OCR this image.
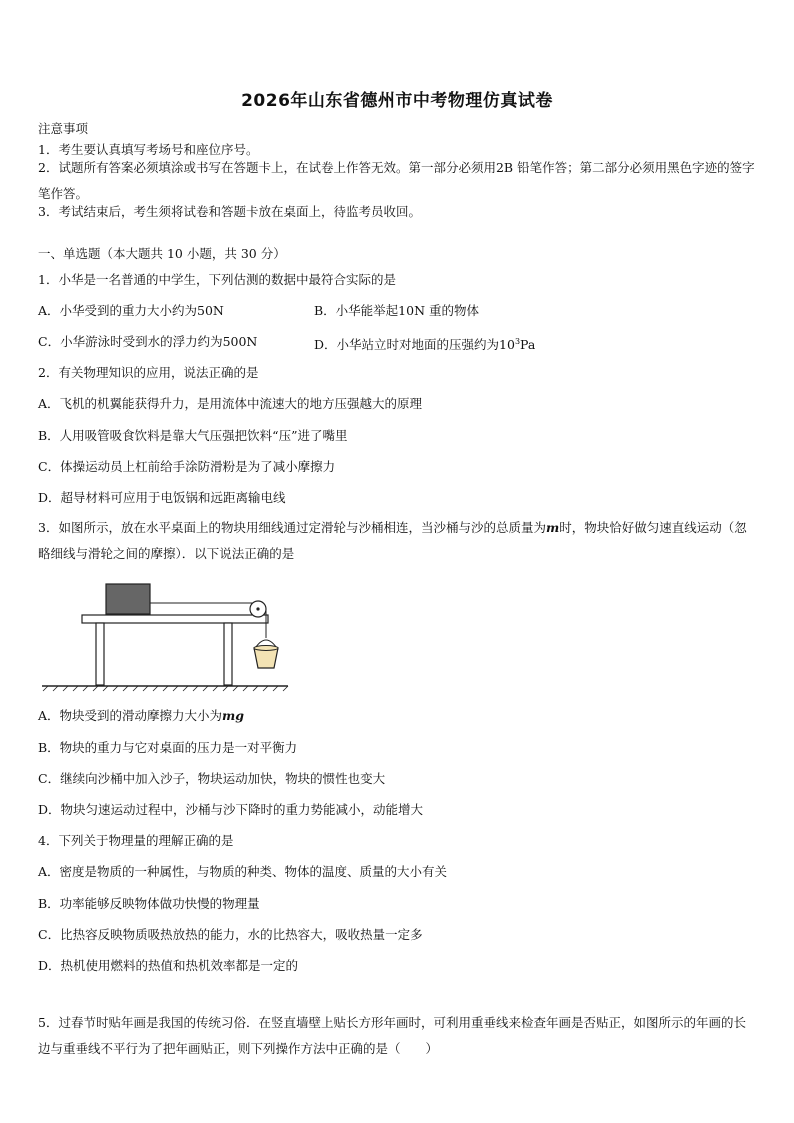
2026年山东省德州市中考物理仿真试卷
注意事项
1．考生要认真填写考场号和座位序号。
2．试题所有答案必须填涂或书写在答题卡上，在试卷上作答无效。第一部分必须用2B 铅笔作答；第二部分必须用黑色字迹的签字笔作答。
3．考试结束后，考生须将试卷和答题卡放在桌面上，待监考员收回。
一、单选题（本大题共 10 小题，共 30 分）
1．小华是一名普通的中学生，下列估测的数据中最符合实际的是
A．小华受到的重力大小约为50N	B．小华能举起10N 重的物体
C．小华游泳时受到水的浮力约为500N	D．小华站立时对地面的压强约为$10^3Pa$
2．有关物理知识的应用，说法正确的是
A．飞机的机翼能获得升力，是用流体中流速大的地方压强越大的原理
B．人用吸管吸食饮料是靠大气压强把饮料“压”进了嘴里
C．体操运动员上杠前给手涂防滑粉是为了减小摩擦力
D．超导材料可应用于电饭锅和远距离输电线
3．如图所示，放在水平桌面上的物块用细线通过定滑轮与沙桶相连，当沙桶与沙的总质量为m时，物块恰好做匀速直线运动（忽略细线与滑轮之间的摩擦）．以下说法正确的是
A．物块受到的滑动摩擦力大小为mg
B．物块的重力与它对桌面的压力是一对平衡力
C．继续向沙桶中加入沙子，物块运动加快，物块的惯性也变大
D．物块匀速运动过程中，沙桶与沙下降时的重力势能减小，动能增大
4．下列关于物理量的理解正确的是
A．密度是物质的一种属性，与物质的种类、物体的温度、质量的大小有关
B．功率能够反映物体做功快慢的物理量
C．比热容反映物质吸热放热的能力，水的比热容大，吸收热量一定多
D．热机使用燃料的热值和热机效率都是一定的
5．过春节时贴年画是我国的传统习俗．在竖直墙壁上贴长方形年画时，可利用重垂线来检查年画是否贴正，如图所示的年画的长边与重垂线不平行为了把年画贴正，则下列操作方法中正确的是（　　）
